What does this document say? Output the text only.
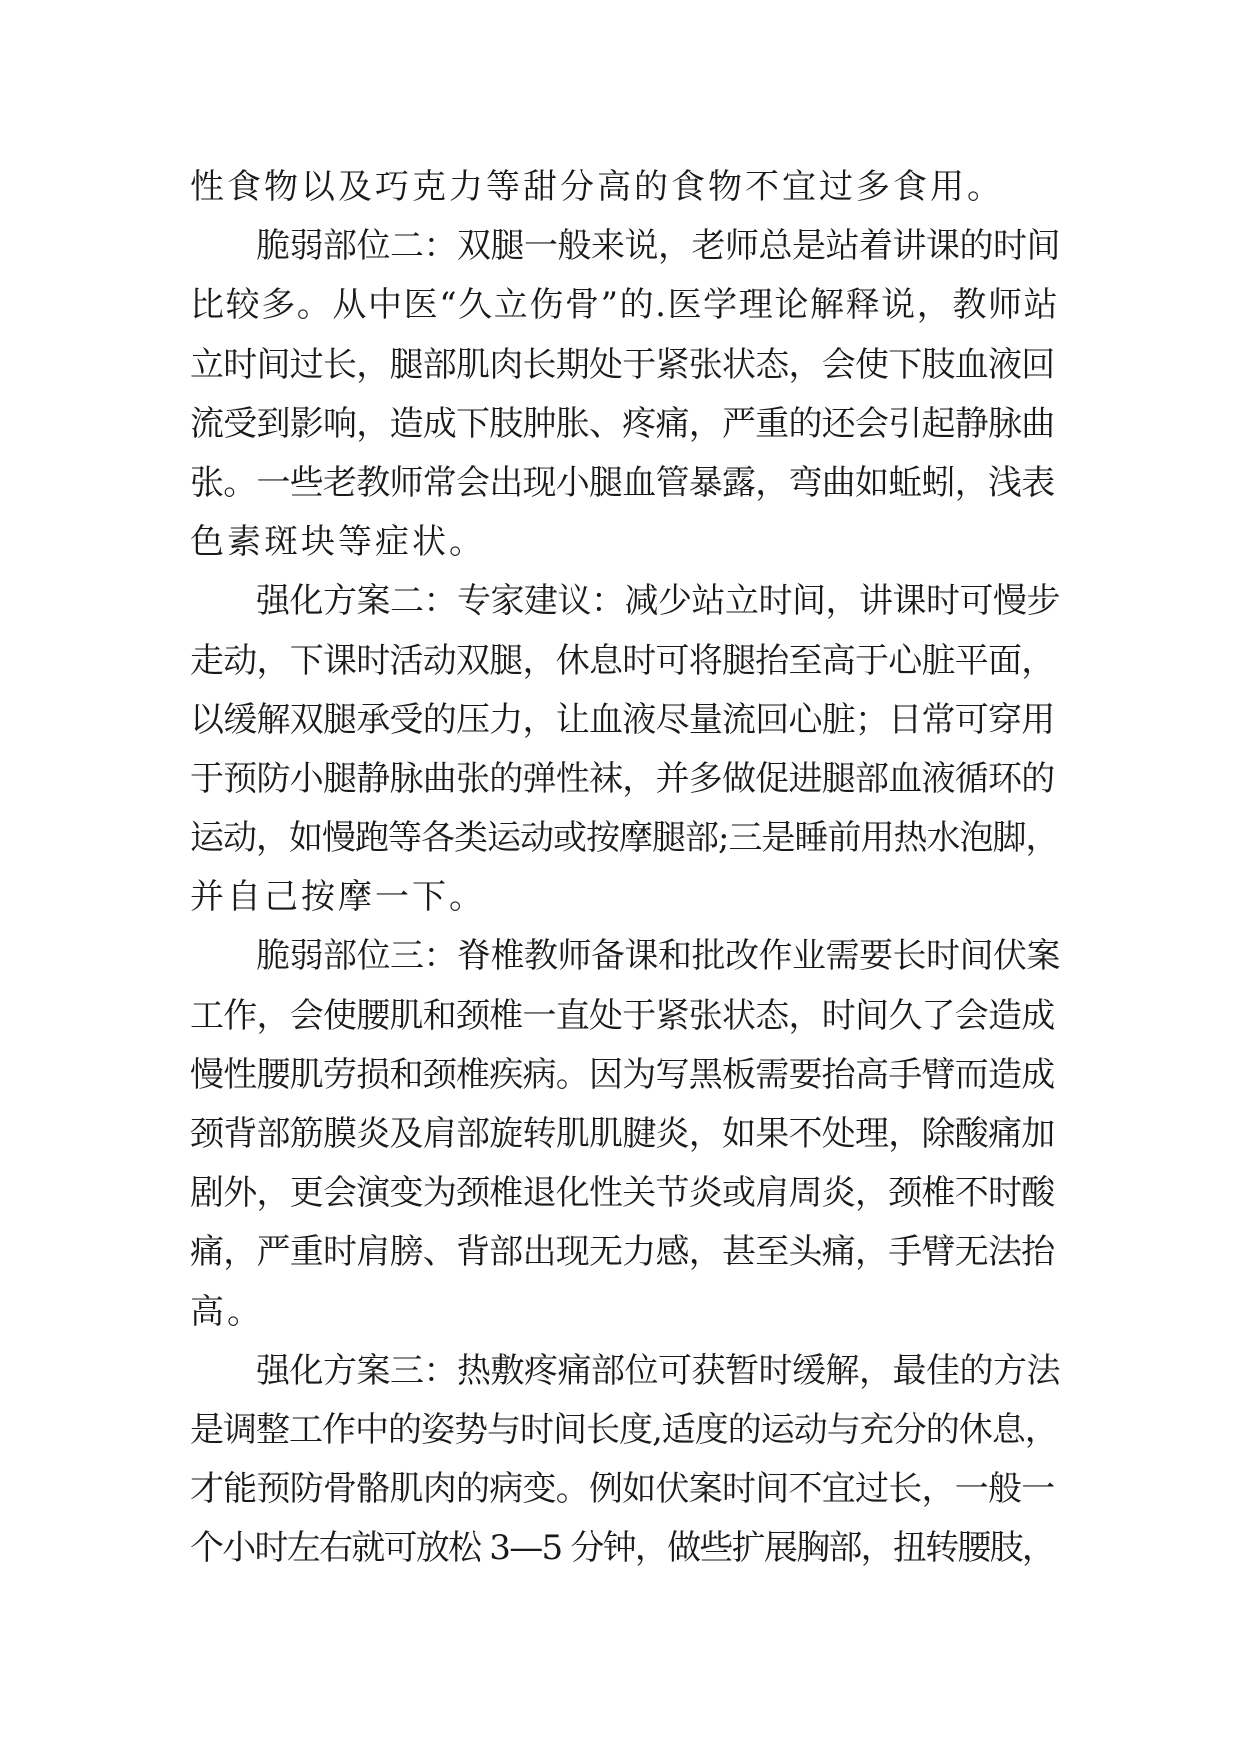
性食物以及巧克力等甜分高的食物不宜过多食用。
脆弱部位二：双腿一般来说，老师总是站着讲课的时间
比较多。从中医“久立伤骨”的.医学理论解释说，教师站
立时间过长，腿部肌肉长期处于紧张状态，会使下肢血液回
流受到影响，造成下肢肿胀、疼痛，严重的还会引起静脉曲
张。一些老教师常会出现小腿血管暴露，弯曲如蚯蚓，浅表
色素斑块等症状。
强化方案二：专家建议：减少站立时间，讲课时可慢步
走动，下课时活动双腿，休息时可将腿抬至高于心脏平面，
以缓解双腿承受的压力，让血液尽量流回心脏；日常可穿用
于预防小腿静脉曲张的弹性袜，并多做促进腿部血液循环的
运动，如慢跑等各类运动或按摩腿部;三是睡前用热水泡脚，
并自己按摩一下。
脆弱部位三：脊椎教师备课和批改作业需要长时间伏案
工作，会使腰肌和颈椎一直处于紧张状态，时间久了会造成
慢性腰肌劳损和颈椎疾病。因为写黑板需要抬高手臂而造成
颈背部筋膜炎及肩部旋转肌肌腱炎，如果不处理，除酸痛加
剧外，更会演变为颈椎退化性关节炎或肩周炎，颈椎不时酸
痛，严重时肩膀、背部出现无力感，甚至头痛，手臂无法抬
高。
强化方案三：热敷疼痛部位可获暂时缓解，最佳的方法
是调整工作中的姿势与时间长度,适度的运动与充分的休息，
才能预防骨骼肌肉的病变。例如伏案时间不宜过长，一般一
个小时左右就可放松 3—5 分钟，做些扩展胸部，扭转腰肢，
